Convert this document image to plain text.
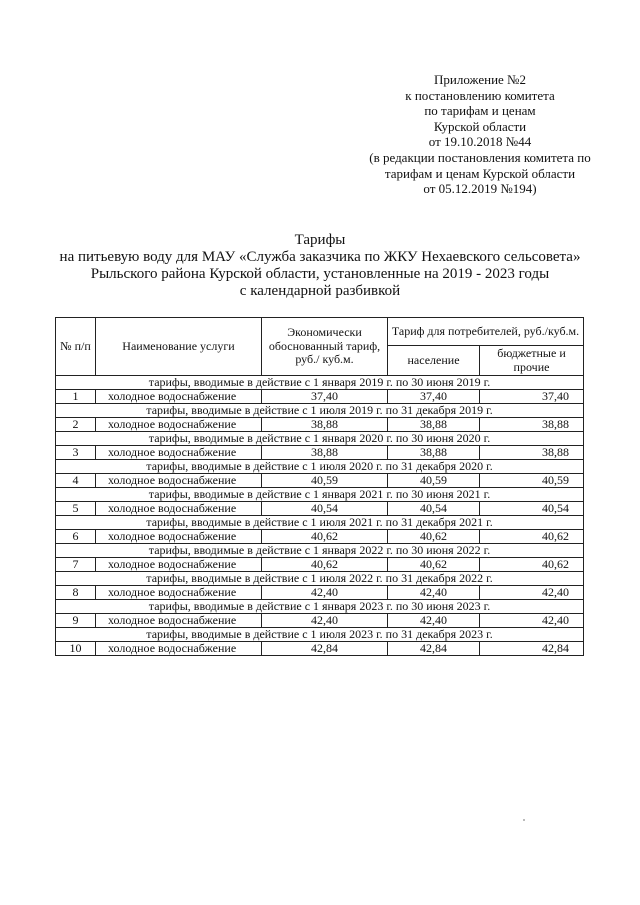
Приложение №2
к постановлению комитета
по тарифам и ценам
Курской области
от 19.10.2018 №44
(в редакции постановления комитета по
тарифам и ценам Курской области
от 05.12.2019 №194)
Тарифы
на питьевую воду для МАУ «Служба заказчика по ЖКУ Нехаевского сельсовета»
Рыльского района Курской области, установленные на 2019 - 2023 годы
с календарной разбивкой
№ п/п	Наименование услуги	Экономически обоснованный тариф, руб./ куб.м.	Тариф для потребителей, руб./куб.м.	
			население	бюджетные и прочие
тарифы, вводимые в действие с 1 января 2019 г. по 30 июня 2019 г.				
1	холодное водоснабжение	37,40	37,40	37,40
тарифы, вводимые в действие с 1 июля 2019 г. по 31 декабря 2019 г.				
2	холодное водоснабжение	38,88	38,88	38,88
тарифы, вводимые в действие с 1 января 2020 г. по 30 июня 2020 г.				
3	холодное водоснабжение	38,88	38,88	38,88
тарифы, вводимые в действие с 1 июля 2020 г. по 31 декабря 2020 г.				
4	холодное водоснабжение	40,59	40,59	40,59
тарифы, вводимые в действие с 1 января 2021 г. по 30 июня 2021 г.				
5	холодное водоснабжение	40,54	40,54	40,54
тарифы, вводимые в действие с 1 июля 2021 г. по 31 декабря 2021 г.				
6	холодное водоснабжение	40,62	40,62	40,62
тарифы, вводимые в действие с 1 января 2022 г. по 30 июня 2022 г.				
7	холодное водоснабжение	40,62	40,62	40,62
тарифы, вводимые в действие с 1 июля 2022 г. по 31 декабря 2022 г.				
8	холодное водоснабжение	42,40	42,40	42,40
тарифы, вводимые в действие с 1 января 2023 г. по 30 июня 2023 г.				
9	холодное водоснабжение	42,40	42,40	42,40
тарифы, вводимые в действие с 1 июля 2023 г. по 31 декабря 2023 г.				
10	холодное водоснабжение	42,84	42,84	42,84
